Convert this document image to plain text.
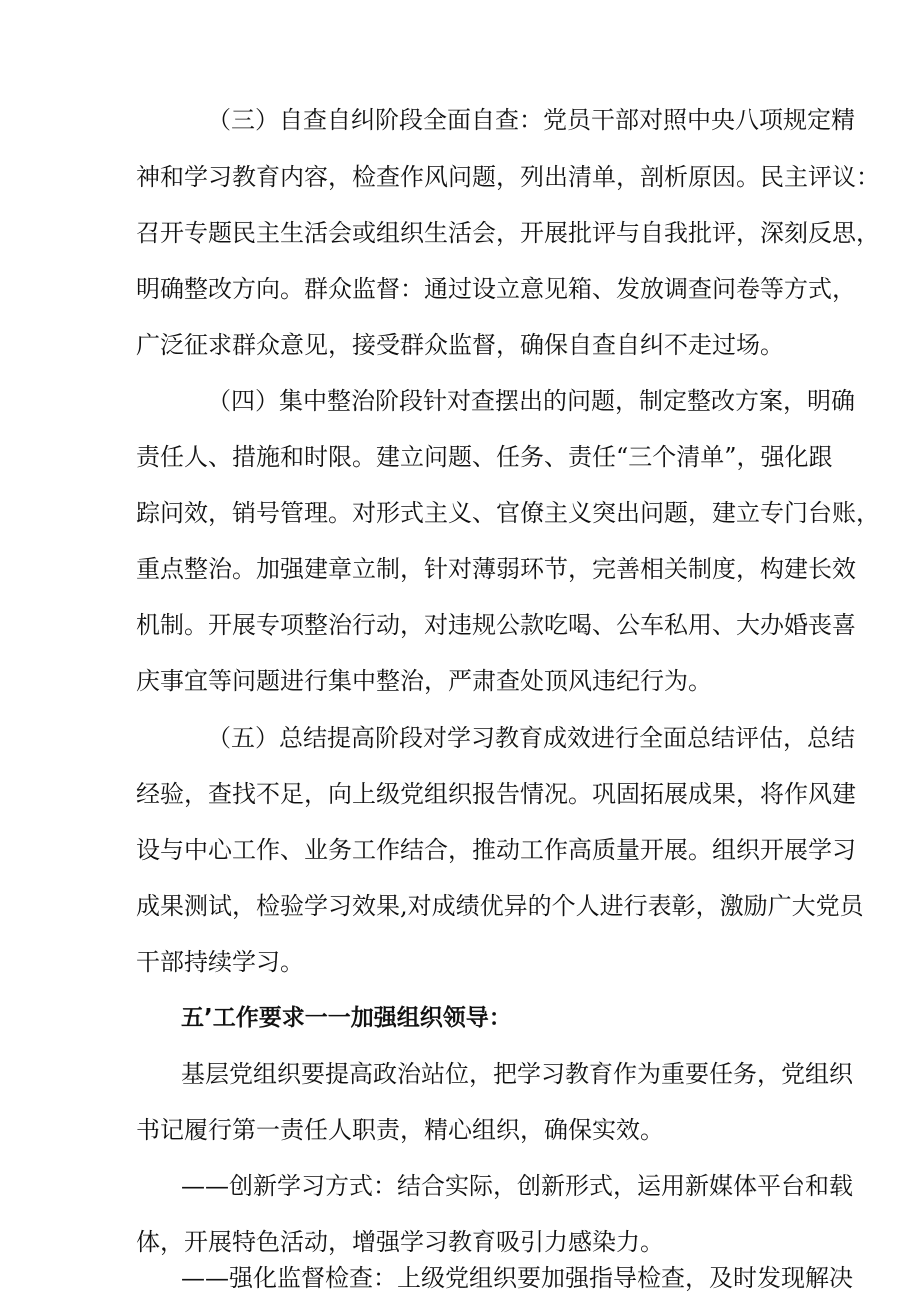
（三）自查自纠阶段全面自查：党员干部对照中央八项规定精
神和学习教育内容，检查作风问题，列出清单，剖析原因。民主评议：
召开专题民主生活会或组织生活会，开展批评与自我批评，深刻反思，
明确整改方向。群众监督：通过设立意见箱、发放调查问卷等方式，
广泛征求群众意见，接受群众监督，确保自查自纠不走过场。
（四）集中整治阶段针对查摆出的问题，制定整改方案，明确
责任人、措施和时限。建立问题、任务、责任“三个清单”，强化跟
踪问效，销号管理。对形式主义、官僚主义突出问题，建立专门台账，
重点整治。加强建章立制，针对薄弱环节，完善相关制度，构建长效
机制。开展专项整治行动，对违规公款吃喝、公车私用、大办婚丧喜
庆事宜等问题进行集中整治，严肃查处顶风违纪行为。
（五）总结提高阶段对学习教育成效进行全面总结评估，总结
经验，查找不足，向上级党组织报告情况。巩固拓展成果，将作风建
设与中心工作、业务工作结合，推动工作高质量开展。组织开展学习
成果测试，检验学习效果,对成绩优异的个人进行表彰，激励广大党员
干部持续学习。
五’工作要求一一加强组织领导：
基层党组织要提高政治站位，把学习教育作为重要任务，党组织
书记履行第一责任人职责，精心组织，确保实效。
——创新学习方式：结合实际，创新形式，运用新媒体平台和载
体，开展特色活动，增强学习教育吸引力感染力。
——强化监督检查：上级党组织要加强指导检查，及时发现解决
